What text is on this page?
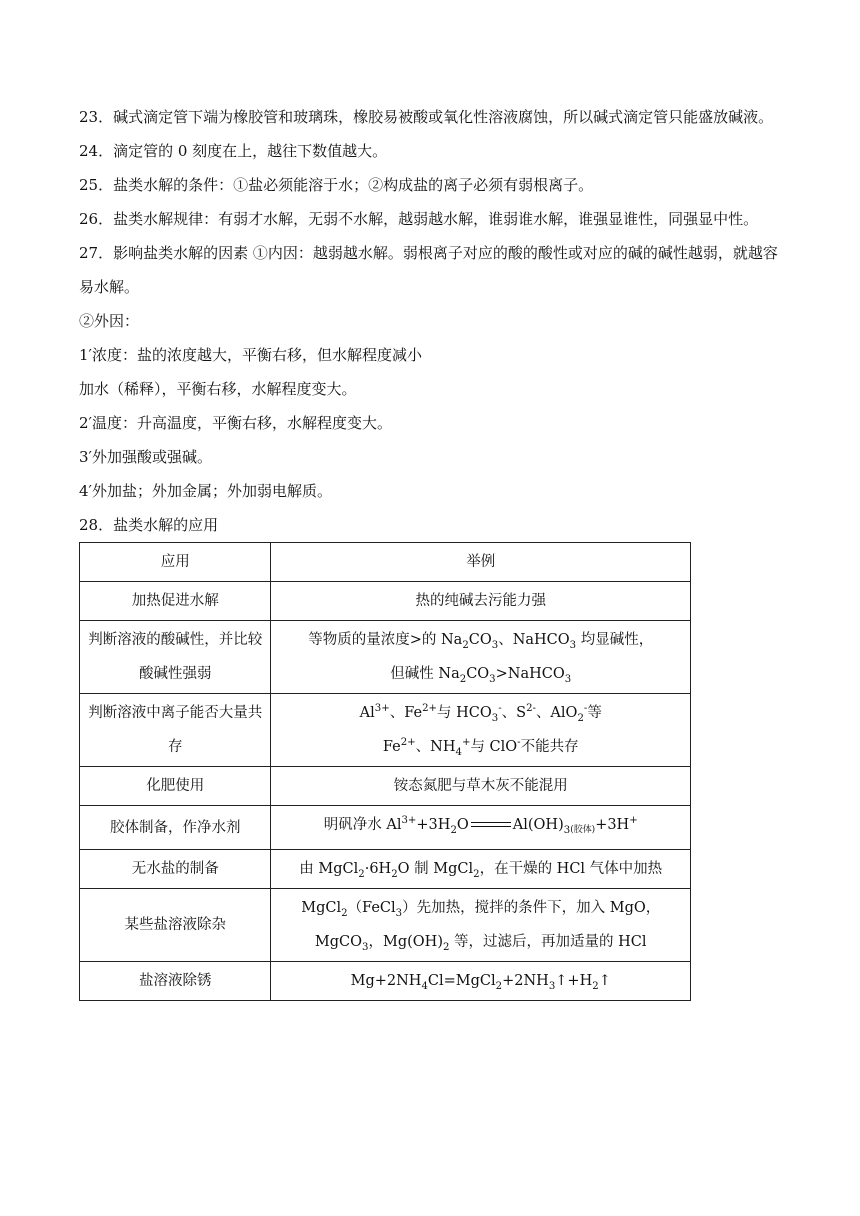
23．碱式滴定管下端为橡胶管和玻璃珠，橡胶易被酸或氧化性溶液腐蚀，所以碱式滴定管只能盛放碱液。

24．滴定管的 0 刻度在上，越往下数值越大。

25．盐类水解的条件：①盐必须能溶于水；②构成盐的离子必须有弱根离子。

26．盐类水解规律：有弱才水解，无弱不水解，越弱越水解，谁弱谁水解，谁强显谁性，同强显中性。

27．影响盐类水解的因素 ①内因：越弱越水解。弱根离子对应的酸的酸性或对应的碱的碱性越弱，就越容易水解。

②外因：

1′浓度：盐的浓度越大，平衡右移，但水解程度减小

加水（稀释），平衡右移，水解程度变大。

2′温度：升高温度，平衡右移，水解程度变大。

3′外加强酸或强碱。

4′外加盐；外加金属；外加弱电解质。

28．盐类水解的应用

应用	举例
加热促进水解	热的纯碱去污能力强
判断溶液的酸碱性，并比较酸碱性强弱	等物质的量浓度>的 $Na_2CO_3$、NaHCO$_3$ 均显碱性，
但碱性 $Na_2CO_3>NaHCO_3$

判断溶液中离子能否大量共存	$Al^{3+}$、$Fe^{2+}$与 $HCO_3^-$、$S^{2-}$、AlO$_2$-等
$Fe^{2+}$、$NH_4^+$与 ClO-不能共存

化肥使用	铵态氮肥与草木灰不能混用
胶体制备，作净水剂	明矾净水 $Al^{3+}+3H_2O$ $Al(OH)_{3(胶体)}+3H^+$
无水盐的制备	由 $MgCl_2\cdot 6H_2O$ 制 MgCl$_2$，在干燥的 HCl 气体中加热
某些盐溶液除杂	MgCl$_2$（FeCl$_3$）先加热，搅拌的条件下，加入 MgO，
MgCO$_3$，$Mg(OH)_2$ 等，过滤后，再加适量的 HCl

盐溶液除锈	$Mg+2NH_4Cl=MgCl_2+2NH_3↑+H_2↑$
